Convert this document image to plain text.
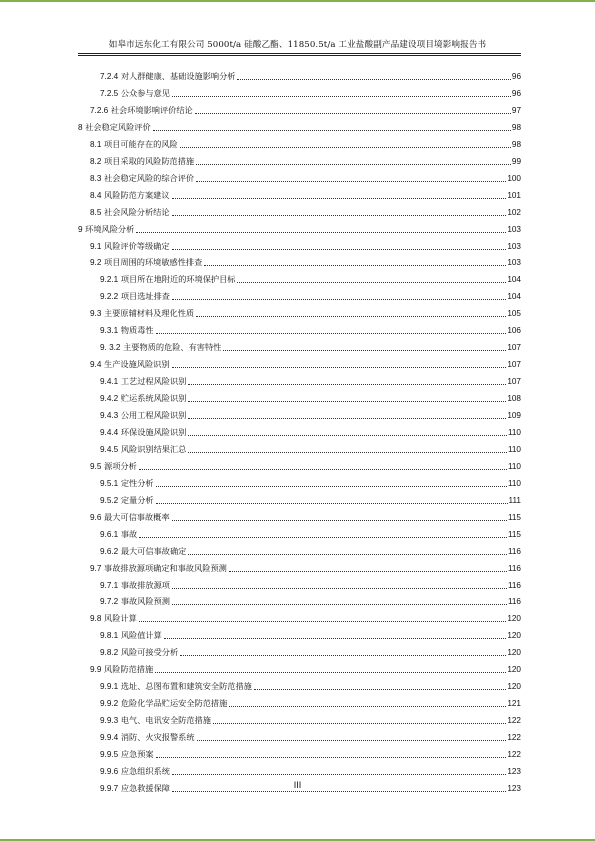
如皋市远东化工有限公司 5000t/a 硅酸乙酯、11850.5t/a 工业盐酸副产品建设项目境影响报告书
7.2.4 对人群健康、基础设施影响分析	96
7.2.5 公众参与意见	96
7.2.6 社会环境影响评价结论	97
8 社会稳定风险评价	98
8.1 项目可能存在的风险	98
8.2 项目采取的风险防范措施	99
8.3 社会稳定风险的综合评价	100
8.4 风险防范方案建议	101
8.5 社会风险分析结论	102
9 环境风险分析	103
9.1 风险评价等级确定	103
9.2 项目周围的环境敏感性排查	103
9.2.1 项目所在地附近的环境保护目标	104
9.2.2 项目选址排查	104
9.3 主要原辅材料及理化性质	105
9.3.1 物质毒性	106
9. 3.2 主要物质的危险、有害特性	107
9.4 生产设施风险识别	107
9.4.1 工艺过程风险识别	107
9.4.2 贮运系统风险识别	108
9.4.3 公用工程风险识别	109
9.4.4 环保设施风险识别	110
9.4.5 风险识别结果汇总	110
9.5 源项分析	110
9.5.1 定性分析	110
9.5.2 定量分析	111
9.6 最大可信事故概率	115
9.6.1 事故	115
9.6.2 最大可信事故确定	116
9.7 事故排放源项确定和事故风险预测	116
9.7.1 事故排放源项	116
9.7.2 事故风险预测	116
9.8 风险计算	120
9.8.1 风险值计算	120
9.8.2 风险可接受分析	120
9.9 风险防范措施	120
9.9.1 选址、总图布置和建筑安全防范措施	120
9.9.2 危险化学品贮运安全防范措施	121
9.9.3 电气、电讯安全防范措施	122
9.9.4 消防、火灾报警系统	122
9.9.5 应急预案	122
9.9.6 应急组织系统	123
9.9.7 应急救援保障	123
III
